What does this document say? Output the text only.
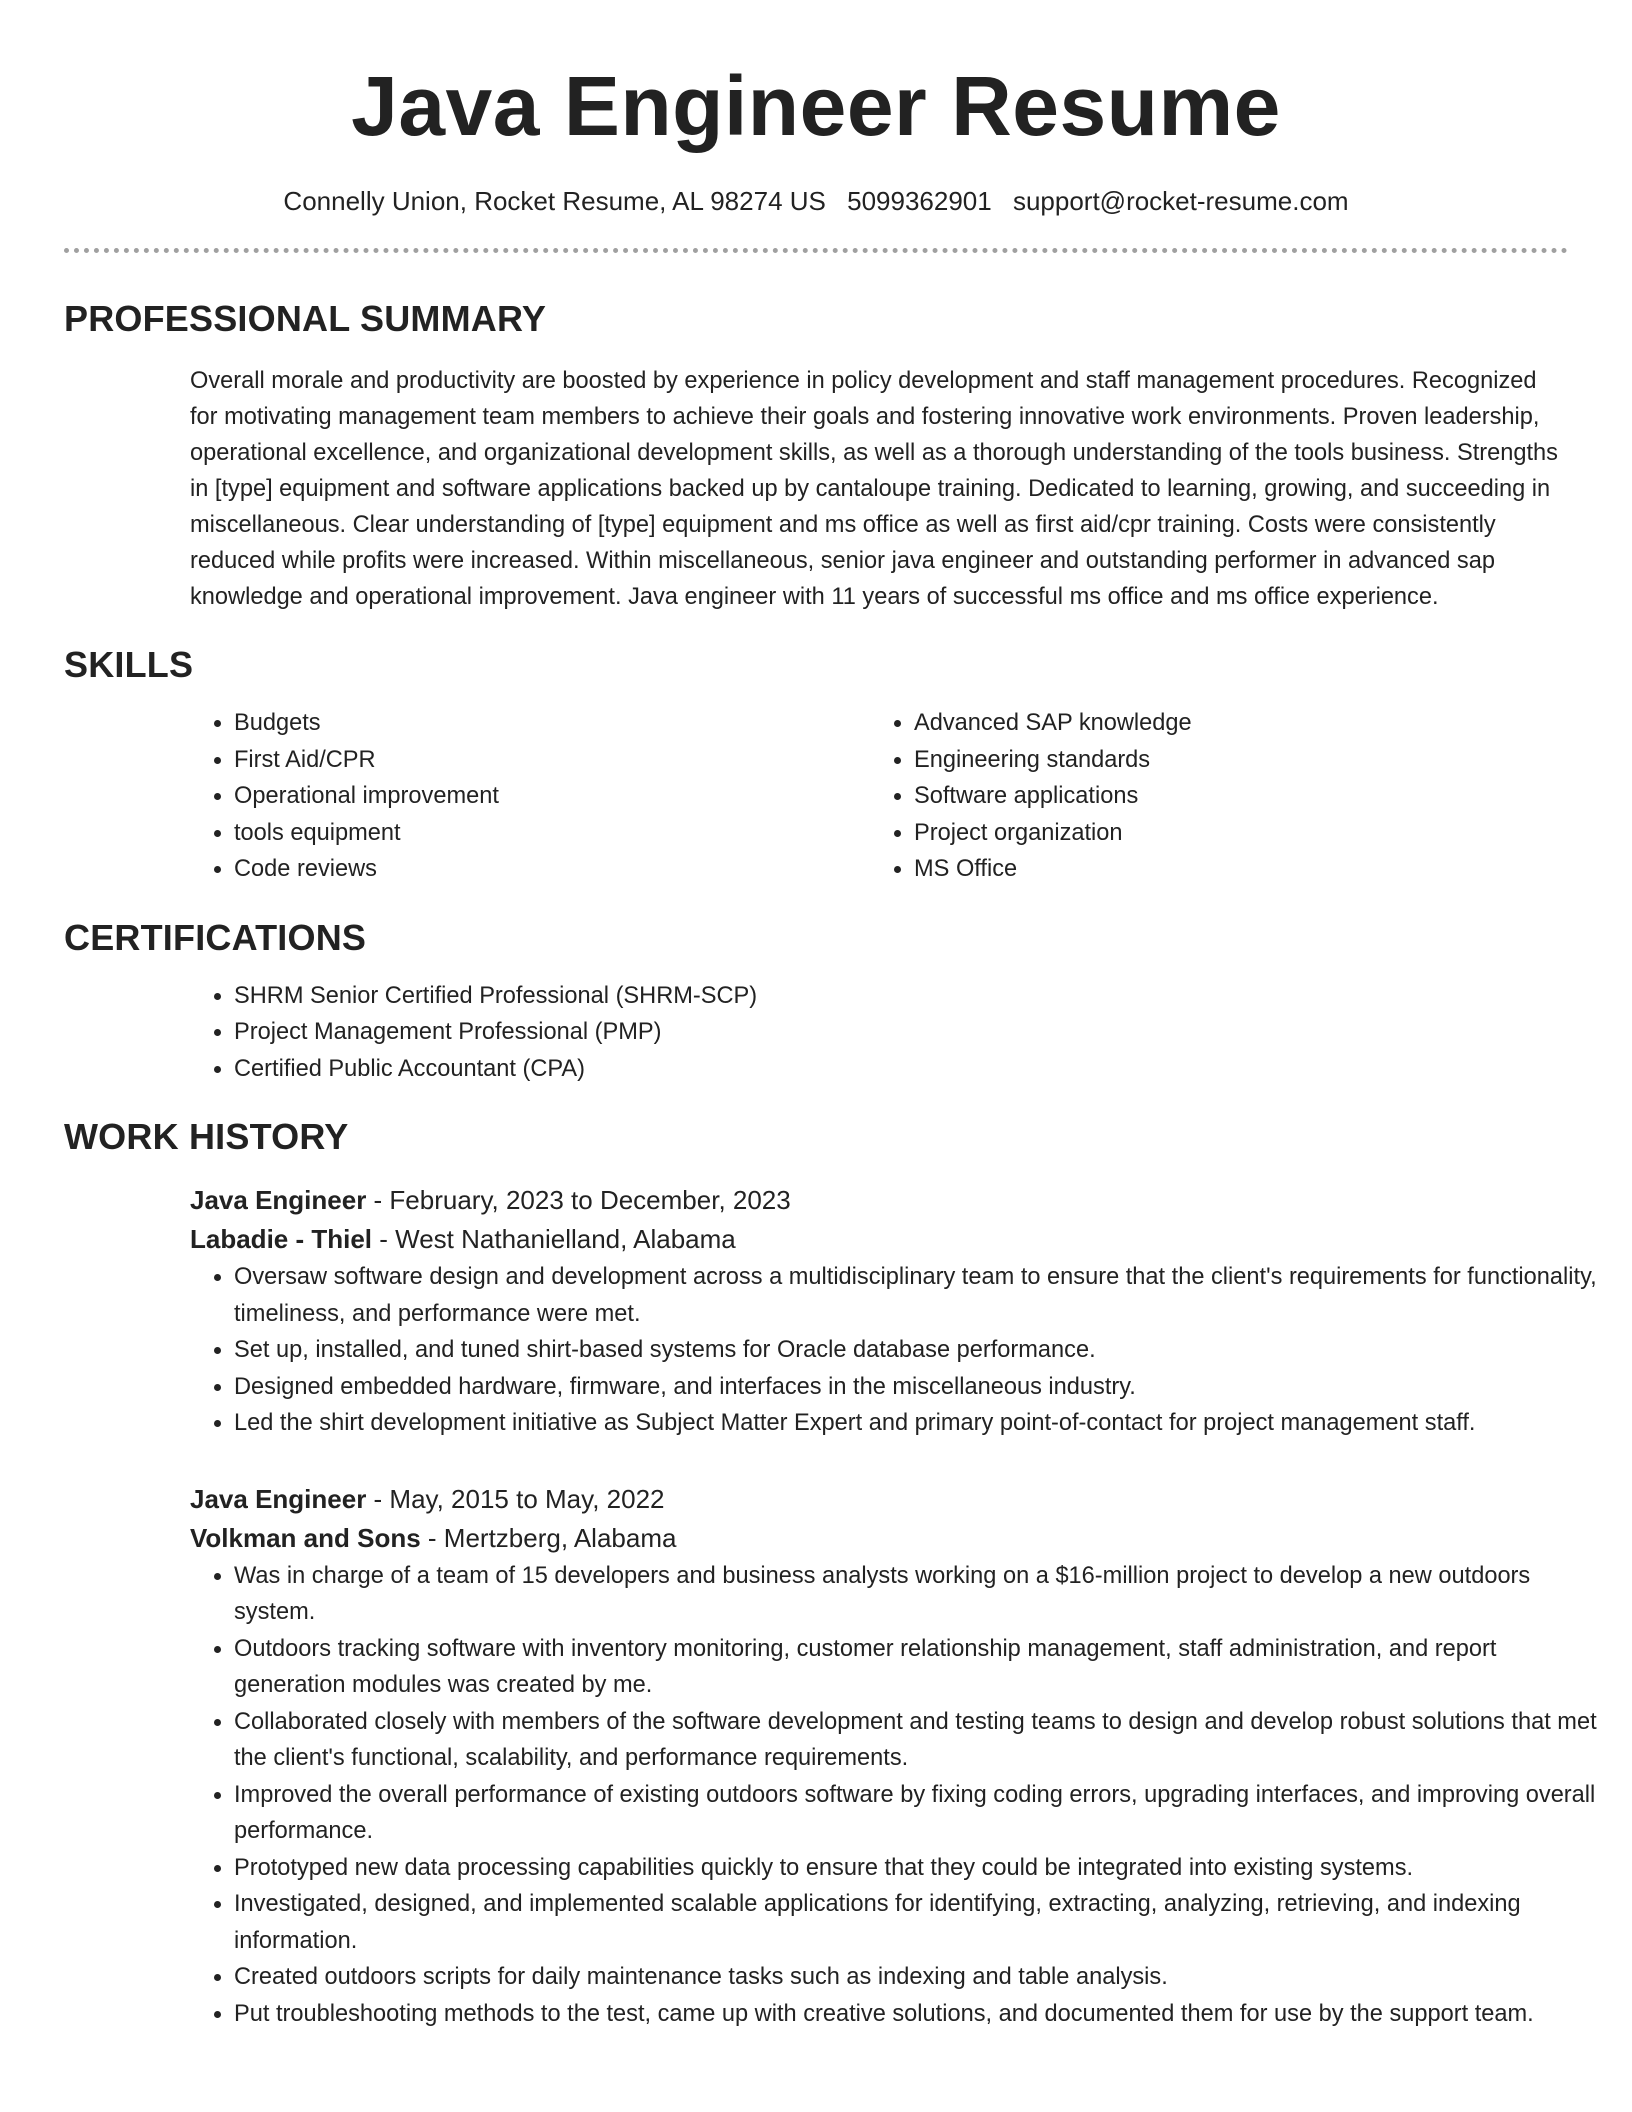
Java Engineer Resume
Connelly Union, Rocket Resume, AL 98274 US 5099362901 support@rocket-resume.com
PROFESSIONAL SUMMARY

Overall morale and productivity are boosted by experience in policy development and staff management procedures. Recognized for motivating management team members to achieve their goals and fostering innovative work environments. Proven leadership, operational excellence, and organizational development skills, as well as a thorough understanding of the tools business. Strengths in [type] equipment and software applications backed up by cantaloupe training. Dedicated to learning, growing, and succeeding in miscellaneous. Clear understanding of [type] equipment and ms office as well as first aid/cpr training. Costs were consistently reduced while profits were increased. Within miscellaneous, senior java engineer and outstanding performer in advanced sap knowledge and operational improvement. Java engineer with 11 years of successful ms office and ms office experience.

SKILLS
• Budgets
• First Aid/CPR
• Operational improvement
• tools equipment
• Code reviews
• Advanced SAP knowledge
• Engineering standards
• Software applications
• Project organization
• MS Office
CERTIFICATIONS
• SHRM Senior Certified Professional (SHRM-SCP)
• Project Management Professional (PMP)
• Certified Public Accountant (CPA)
WORK HISTORY
Java Engineer - February, 2023 to December, 2023
Labadie - Thiel - West Nathanielland, Alabama
• Oversaw software design and development across a multidisciplinary team to ensure that the client's requirements for functionality, timeliness, and performance were met.
• Set up, installed, and tuned shirt-based systems for Oracle database performance.
• Designed embedded hardware, firmware, and interfaces in the miscellaneous industry.
• Led the shirt development initiative as Subject Matter Expert and primary point-of-contact for project management staff.
Java Engineer - May, 2015 to May, 2022
Volkman and Sons - Mertzberg, Alabama
• Was in charge of a team of 15 developers and business analysts working on a $16-million project to develop a new outdoors system.
• Outdoors tracking software with inventory monitoring, customer relationship management, staff administration, and report generation modules was created by me.
• Collaborated closely with members of the software development and testing teams to design and develop robust solutions that met the client's functional, scalability, and performance requirements.
• Improved the overall performance of existing outdoors software by fixing coding errors, upgrading interfaces, and improving overall performance.
• Prototyped new data processing capabilities quickly to ensure that they could be integrated into existing systems.
• Investigated, designed, and implemented scalable applications for identifying, extracting, analyzing, retrieving, and indexing information.
• Created outdoors scripts for daily maintenance tasks such as indexing and table analysis.
• Put troubleshooting methods to the test, came up with creative solutions, and documented them for use by the support team.
